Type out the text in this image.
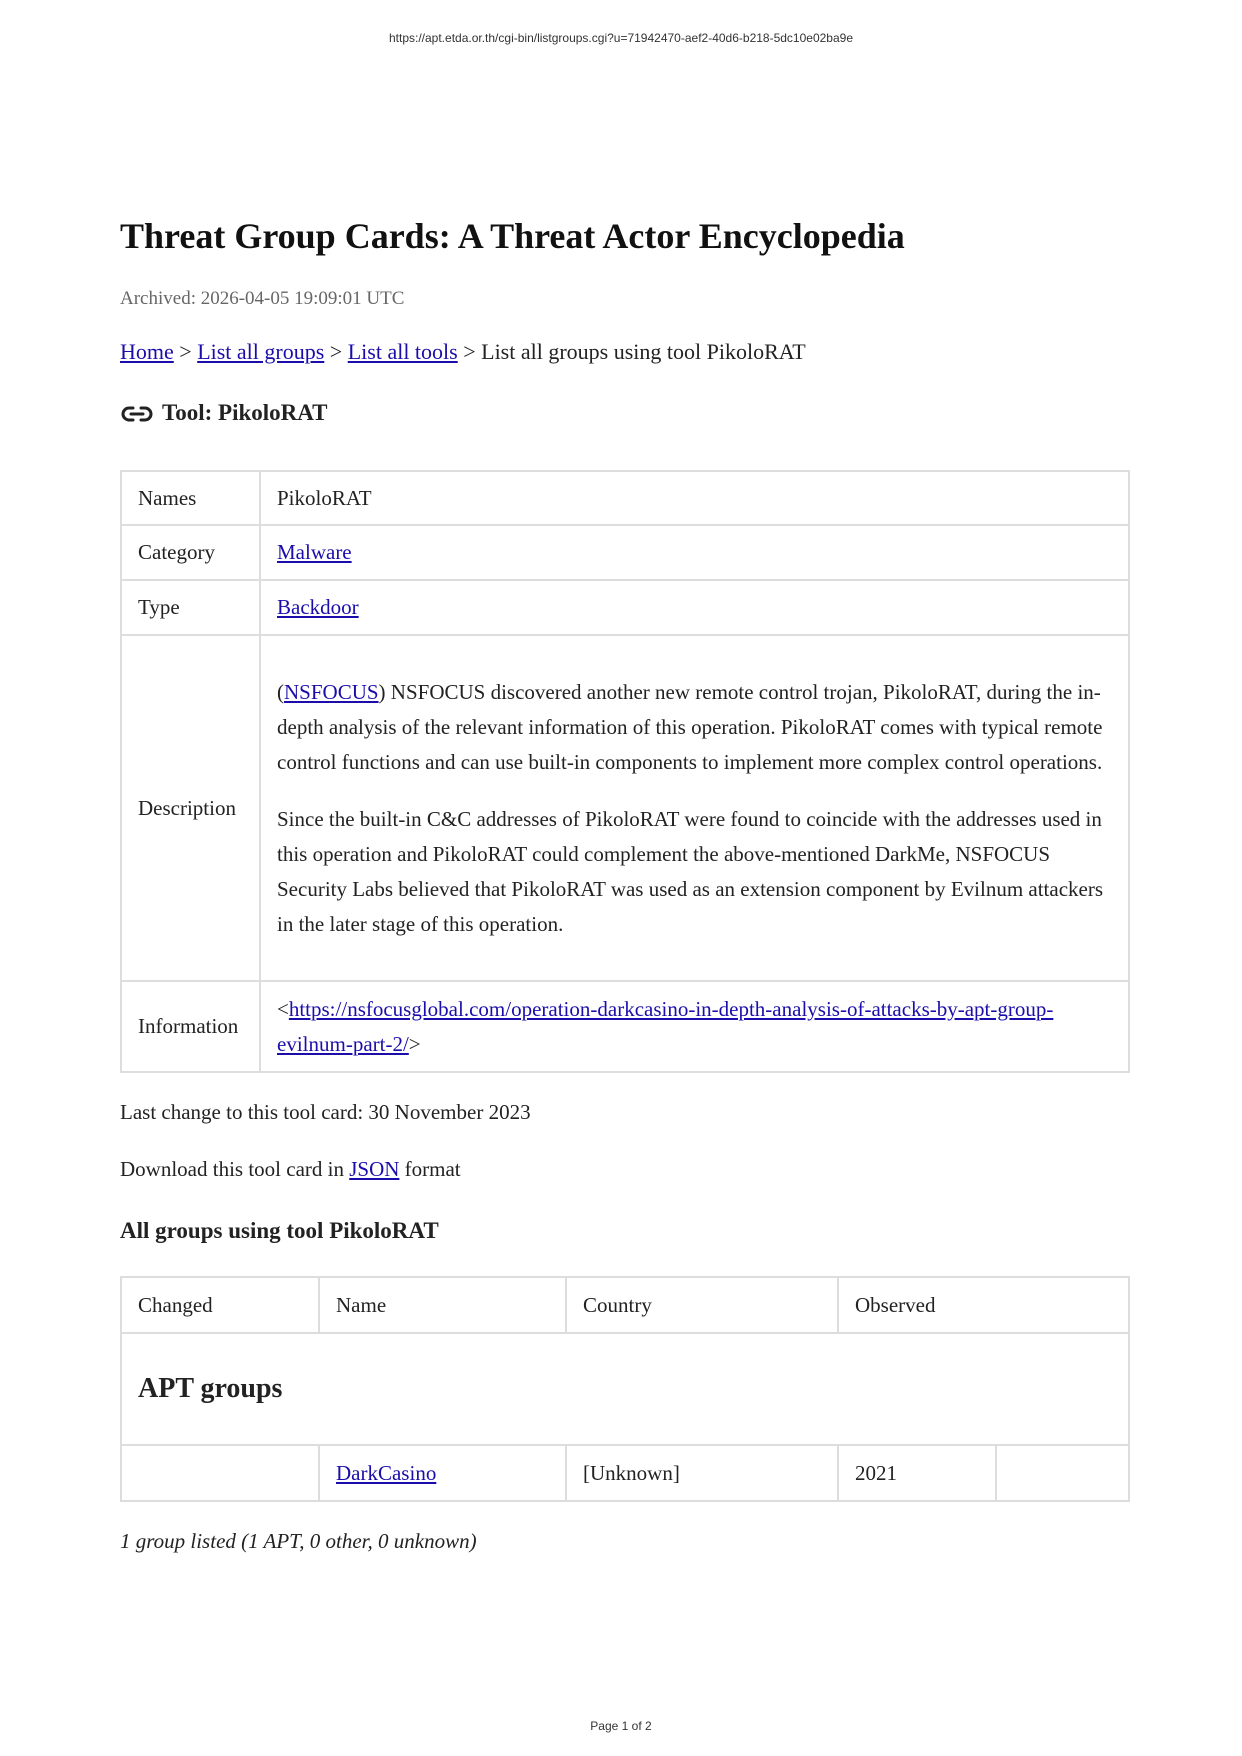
https://apt.etda.or.th/cgi-bin/listgroups.cgi?u=71942470-aef2-40d6-b218-5dc10e02ba9e
Threat Group Cards: A Threat Actor Encyclopedia
Archived: 2026-04-05 19:09:01 UTC
Home > List all groups > List all tools > List all groups using tool PikoloRAT
Tool: PikoloRAT
Names	PikoloRAT
Category	Malware
Type	Backdoor
Description	(NSFOCUS) NSFOCUS discovered another new remote control trojan, PikoloRAT, during the in-depth analysis of the relevant information of this operation. PikoloRAT comes with typical remote control functions and can use built-in components to implement more complex control operations.

Since the built-in C&C addresses of PikoloRAT were found to coincide with the addresses used in this operation and PikoloRAT could complement the above-mentioned DarkMe, NSFOCUS Security Labs believed that PikoloRAT was used as an extension component by Evilnum attackers in the later stage of this operation.

Information	<https://nsfocusglobal.com/operation-darkcasino-in-depth-analysis-of-attacks-by-apt-group-evilnum-part-2/>
Last change to this tool card: 30 November 2023
Download this tool card in JSON format
All groups using tool PikoloRAT
Changed	Name	Country	Observed	
APT groups				
	DarkCasino	[Unknown]	2021	
1 group listed (1 APT, 0 other, 0 unknown)
Page 1 of 2
